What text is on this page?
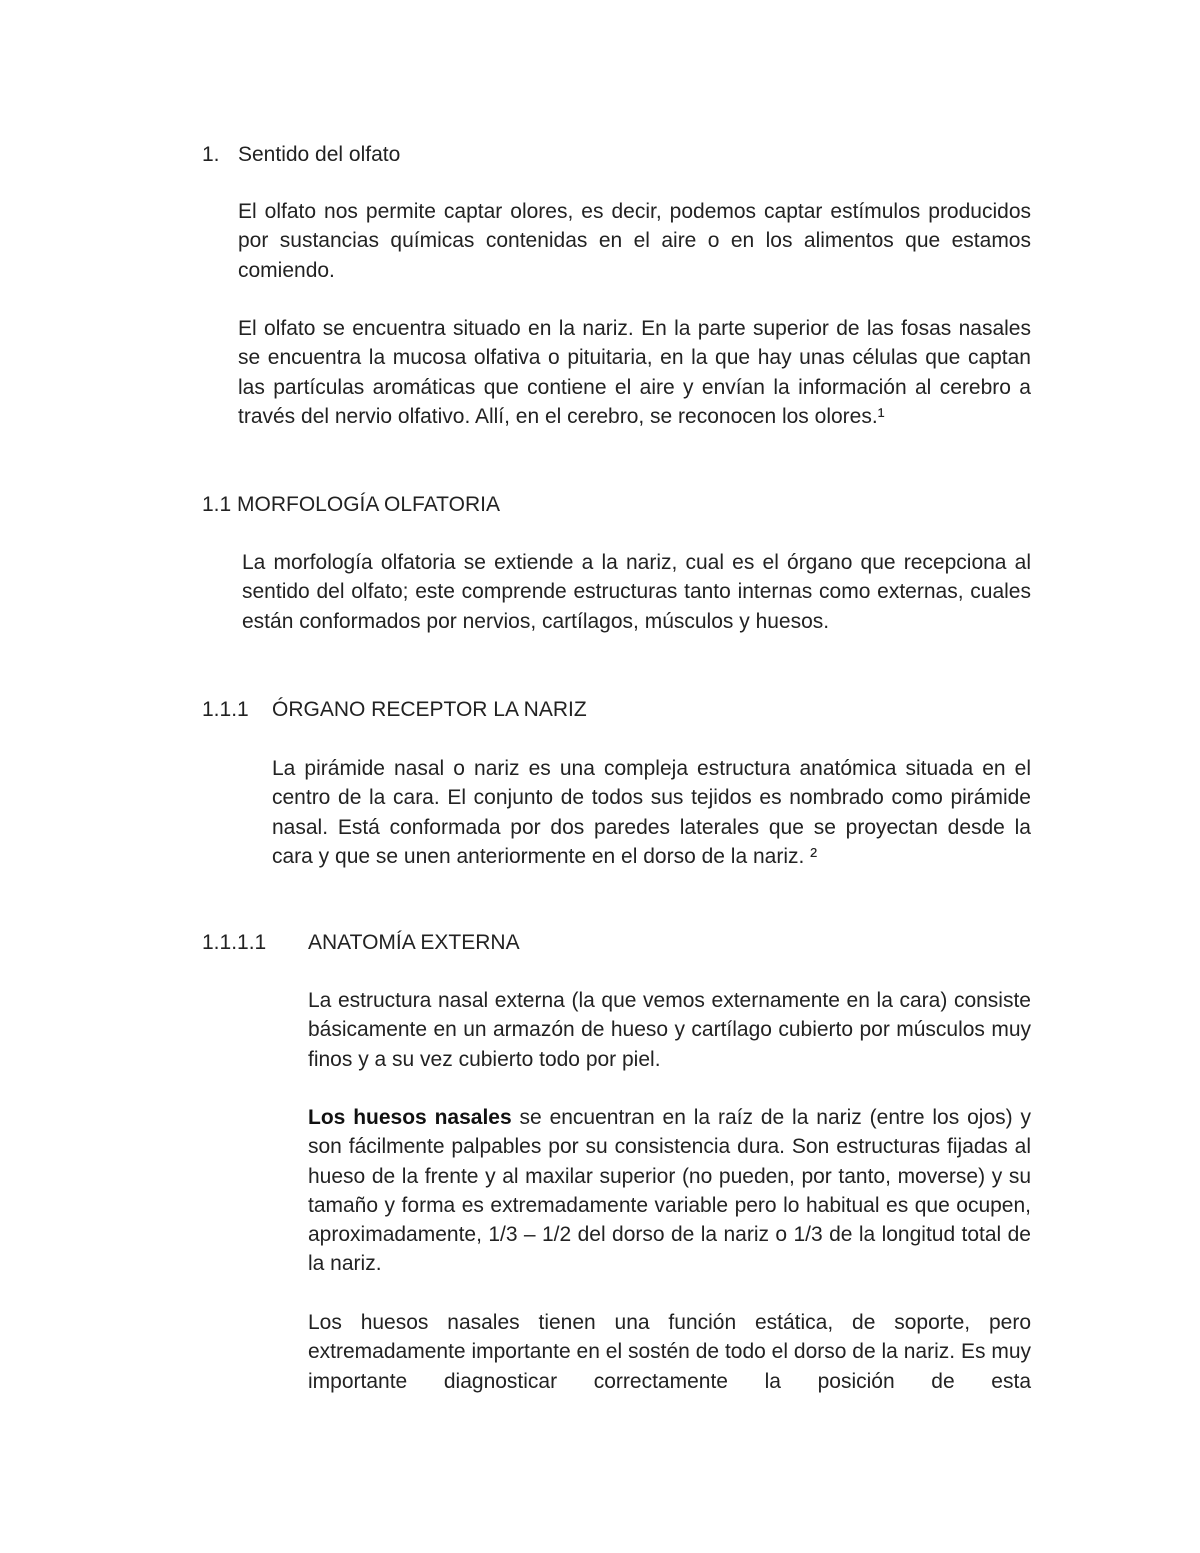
1. Sentido del olfato

El olfato nos permite captar olores, es decir, podemos captar estímulos producidos por sustancias químicas contenidas en el aire o en los alimentos que estamos comiendo.

El olfato se encuentra situado en la nariz. En la parte superior de las fosas nasales se encuentra la mucosa olfativa o pituitaria, en la que hay unas células que captan las partículas aromáticas que contiene el aire y envían la información al cerebro a través del nervio olfativo. Allí, en el cerebro, se reconocen los olores.¹

1.1 MORFOLOGÍA OLFATORIA

La morfología olfatoria se extiende a la nariz, cual es el órgano que recepciona al sentido del olfato; este comprende estructuras tanto internas como externas, cuales están conformados por nervios, cartílagos, músculos y huesos.

1.1.1 ÓRGANO RECEPTOR LA NARIZ

La pirámide nasal o nariz es una compleja estructura anatómica situada en el centro de la cara. El conjunto de todos sus tejidos es nombrado como pirámide nasal. Está conformada por dos paredes laterales que se proyectan desde la cara y que se unen anteriormente en el dorso de la nariz. ²

1.1.1.1 ANATOMÍA EXTERNA

La estructura nasal externa (la que vemos externamente en la cara) consiste básicamente en un armazón de hueso y cartílago cubierto por músculos muy finos y a su vez cubierto todo por piel.

Los huesos nasales se encuentran en la raíz de la nariz (entre los ojos) y son fácilmente palpables por su consistencia dura. Son estructuras fijadas al hueso de la frente y al maxilar superior (no pueden, por tanto, moverse) y su tamaño y forma es extremadamente variable pero lo habitual es que ocupen, aproximadamente, 1/3 – 1/2 del dorso de la nariz o 1/3 de la longitud total de la nariz.

Los huesos nasales tienen una función estática, de soporte, pero extremadamente importante en el sostén de todo el dorso de la nariz. Es muy importante diagnosticar correctamente la posición de esta
